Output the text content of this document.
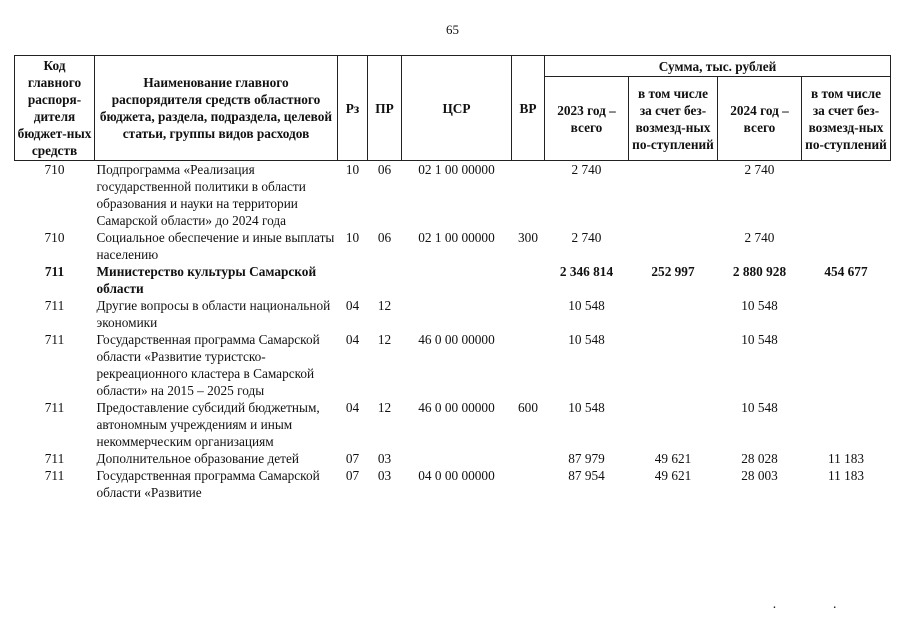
65
Код главного распоря-дителя бюджет-ных средств	Наименование главного распорядителя средств областного бюджета, раздела, подраздела, целевой статьи, группы видов расходов	Рз	ПР	ЦСР	ВР	Сумма, тыс. рублей			
						2023 год – всего	в том числе за счет без-возмезд-ных по-ступлений	2024 год – всего	в том числе за счет без-возмезд-ных по-ступлений
710	Подпрограмма «Реализация государственной политики в области образования и науки на территории Самарской области» до 2024 года	10	06	02 1 00 00000		2 740		2 740	
710	Социальное обеспечение и иные выплаты населению	10	06	02 1 00 00000	300	2 740		2 740	
711	Министерство культуры Самарской области					2 346 814	252 997	2 880 928	454 677
711	Другие вопросы в области национальной экономики	04	12			10 548		10 548	
711	Государственная программа Самарской области «Развитие туристско-рекреационного кластера в Самарской области» на 2015 – 2025 годы	04	12	46 0 00 00000		10 548		10 548	
711	Предоставление субсидий бюджетным, автономным учреждениям и иным некоммерческим организациям	04	12	46 0 00 00000	600	10 548		10 548	
711	Дополнительное образование детей	07	03			87 979	49 621	28 028	11 183
711	Государственная программа Самарской области «Развитие	07	03	04 0 00 00000		87 954	49 621	28 003	11 183
· ·
